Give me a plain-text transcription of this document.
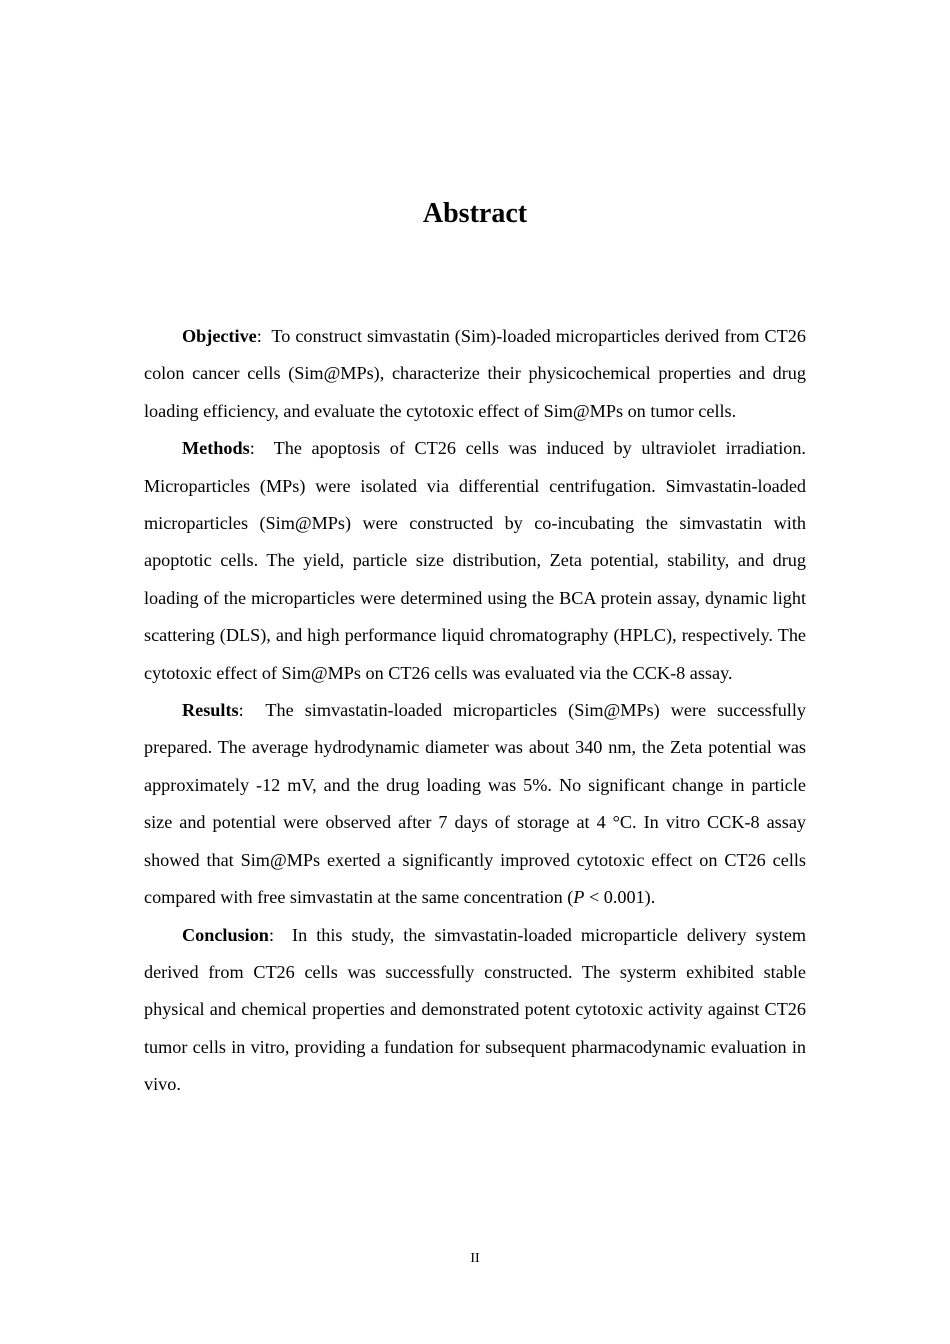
Abstract

Objective:  To construct simvastatin (Sim)-loaded microparticles derived from CT26 colon cancer cells (Sim@MPs), characterize their physicochemical properties and drug loading efficiency, and evaluate the cytotoxic effect of Sim@MPs on tumor cells.

Methods:  The apoptosis of CT26 cells was induced by ultraviolet irradiation. Microparticles (MPs) were isolated via differential centrifugation. Simvastatin-loaded microparticles (Sim@MPs) were constructed by co-incubating the simvastatin with apoptotic cells. The yield, particle size distribution, Zeta potential, stability, and drug loading of the microparticles were determined using the BCA protein assay, dynamic light scattering (DLS), and high performance liquid chromatography (HPLC), respectively. The cytotoxic effect of Sim@MPs on CT26 cells was evaluated via the CCK-8 assay.

Results:  The simvastatin-loaded microparticles (Sim@MPs) were successfully prepared. The average hydrodynamic diameter was about 340 nm, the Zeta potential was approximately -12 mV, and the drug loading was 5%. No significant change in particle size and potential were observed after 7 days of storage at 4 °C. In vitro CCK-8 assay showed that Sim@MPs exerted a significantly improved cytotoxic effect on CT26 cells compared with free simvastatin at the same concentration (P < 0.001).

Conclusion:  In this study, the simvastatin-loaded microparticle delivery system derived from CT26 cells was successfully constructed. The systerm exhibited stable physical and chemical properties and demonstrated potent cytotoxic activity against CT26 tumor cells in vitro, providing a fundation for subsequent pharmacodynamic evaluation in vivo.

II
